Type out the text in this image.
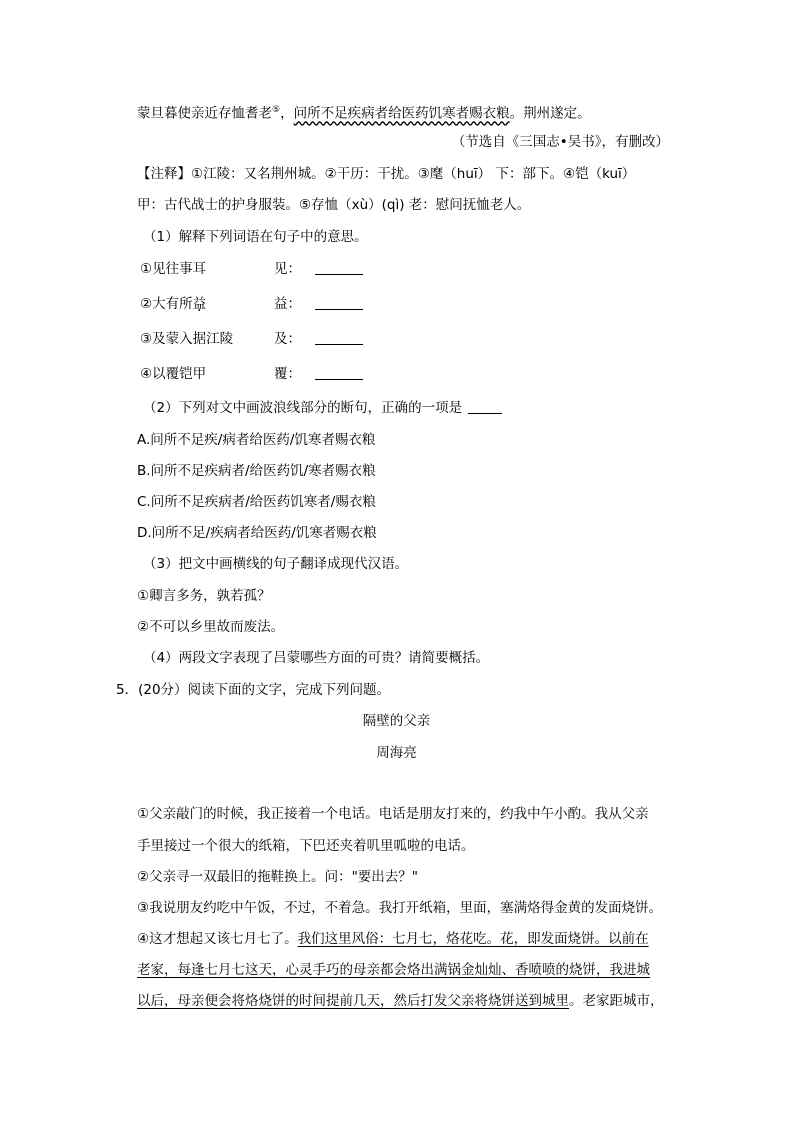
蒙旦暮使亲近存恤耆老⑤，问所不足疾病者给医药饥寒者赐衣粮。荆州遂定。
（节选自《三国志•吴书》，有删改）
【注释】①江陵：又名荆州城。②干历：干扰。③麾（huī） 下：部下。④铠（kuī）
甲：古代战士的护身服装。⑤存恤（xù）(qì) 老：慰问抚恤老人。
（1）解释下列词语在句子中的意思。
①见往事耳	见：
②大有所益	益：
③及蒙入据江陵	及：
④以覆铠甲	覆：
（2）下列对文中画波浪线部分的断句，正确的一项是
A.问所不足疾/病者给医药/饥寒者赐衣粮
B.问所不足疾病者/给医药饥/寒者赐衣粮
C.问所不足疾病者/给医药饥寒者/赐衣粮
D.问所不足/疾病者给医药/饥寒者赐衣粮
（3）把文中画横线的句子翻译成现代汉语。
①卿言多务，孰若孤？
②不可以乡里故而废法。
（4）两段文字表现了吕蒙哪些方面的可贵？请简要概括。
5．(20分）阅读下面的文字，完成下列问题。
隔壁的父亲
周海亮
①父亲敲门的时候，我正接着一个电话。电话是朋友打来的，约我中午小酌。我从父亲
手里接过一个很大的纸箱，下巴还夹着叽里呱啦的电话。
②父亲寻一双最旧的拖鞋换上。问："要出去？"
③我说朋友约吃中午饭，不过，不着急。我打开纸箱，里面，塞满烙得金黄的发面烧饼。
④这才想起又该七月七了。我们这里风俗：七月七，烙花吃。花，即发面烧饼。以前在
老家，每逢七月七这天，心灵手巧的母亲都会烙出满锅金灿灿、香喷喷的烧饼，我进城
以后，母亲便会将烙烧饼的时间提前几天，然后打发父亲将烧饼送到城里。老家距城市，
